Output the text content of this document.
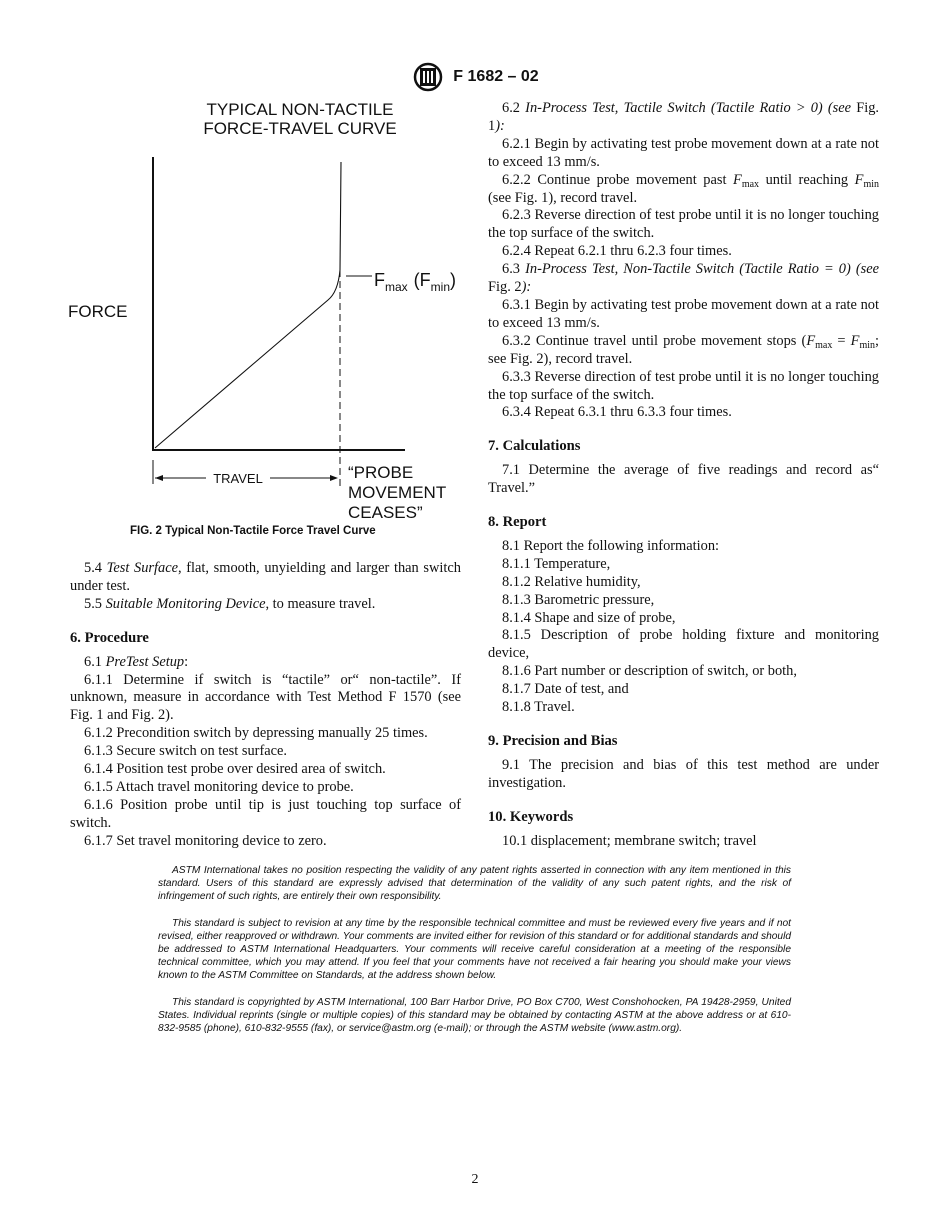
F 1682 – 02
TYPICAL NON-TACTILE
FORCE-TRAVEL CURVE
FORCE
$F_{max}$ $(F_{min})$
TRAVEL	“PROBE
MOVEMENT
CEASES”
FIG. 2 Typical Non-Tactile Force Travel Curve

5.4 Test Surface, flat, smooth, unyielding and larger than switch under test.

5.5 Suitable Monitoring Device, to measure travel.

6. Procedure

6.1 PreTest Setup:

6.1.1 Determine if switch is “tactile” or“ non-tactile”. If unknown, measure in accordance with Test Method F 1570 (see Fig. 1 and Fig. 2).

6.1.2 Precondition switch by depressing manually 25 times.

6.1.3 Secure switch on test surface.

6.1.4 Position test probe over desired area of switch.

6.1.5 Attach travel monitoring device to probe.

6.1.6 Position probe until tip is just touching top surface of switch.

6.1.7 Set travel monitoring device to zero.

6.2 In-Process Test, Tactile Switch (Tactile Ratio > 0) (see Fig. 1):

6.2.1 Begin by activating test probe movement down at a rate not to exceed 13 mm/s.

6.2.2 Continue probe movement past $F_{max}$ until reaching $F_{min}$ (see Fig. 1), record travel.

6.2.3 Reverse direction of test probe until it is no longer touching the top surface of the switch.

6.2.4 Repeat 6.2.1 thru 6.2.3 four times.

6.3 In-Process Test, Non-Tactile Switch (Tactile Ratio = 0) (see Fig. 2):

6.3.1 Begin by activating test probe movement down at a rate not to exceed 13 mm/s.

6.3.2 Continue travel until probe movement stops ($F_{max} = F_{min}$; see Fig. 2), record travel.

6.3.3 Reverse direction of test probe until it is no longer touching the top surface of the switch.

6.3.4 Repeat 6.3.1 thru 6.3.3 four times.

7. Calculations

7.1 Determine the average of five readings and record as“ Travel.”

8. Report

8.1 Report the following information:

8.1.1 Temperature,

8.1.2 Relative humidity,

8.1.3 Barometric pressure,

8.1.4 Shape and size of probe,

8.1.5 Description of probe holding fixture and monitoring device,

8.1.6 Part number or description of switch, or both,

8.1.7 Date of test, and

8.1.8 Travel.

9. Precision and Bias

9.1 The precision and bias of this test method are under investigation.

10. Keywords

10.1 displacement; membrane switch; travel

ASTM International takes no position respecting the validity of any patent rights asserted in connection with any item mentioned in this standard. Users of this standard are expressly advised that determination of the validity of any such patent rights, and the risk of infringement of such rights, are entirely their own responsibility.

This standard is subject to revision at any time by the responsible technical committee and must be reviewed every five years and if not revised, either reapproved or withdrawn. Your comments are invited either for revision of this standard or for additional standards and should be addressed to ASTM International Headquarters. Your comments will receive careful consideration at a meeting of the responsible technical committee, which you may attend. If you feel that your comments have not received a fair hearing you should make your views known to the ASTM Committee on Standards, at the address shown below.

This standard is copyrighted by ASTM International, 100 Barr Harbor Drive, PO Box C700, West Conshohocken, PA 19428-2959, United States. Individual reprints (single or multiple copies) of this standard may be obtained by contacting ASTM at the above address or at 610-832-9585 (phone), 610-832-9555 (fax), or service@astm.org (e-mail); or through the ASTM website (www.astm.org).

2
